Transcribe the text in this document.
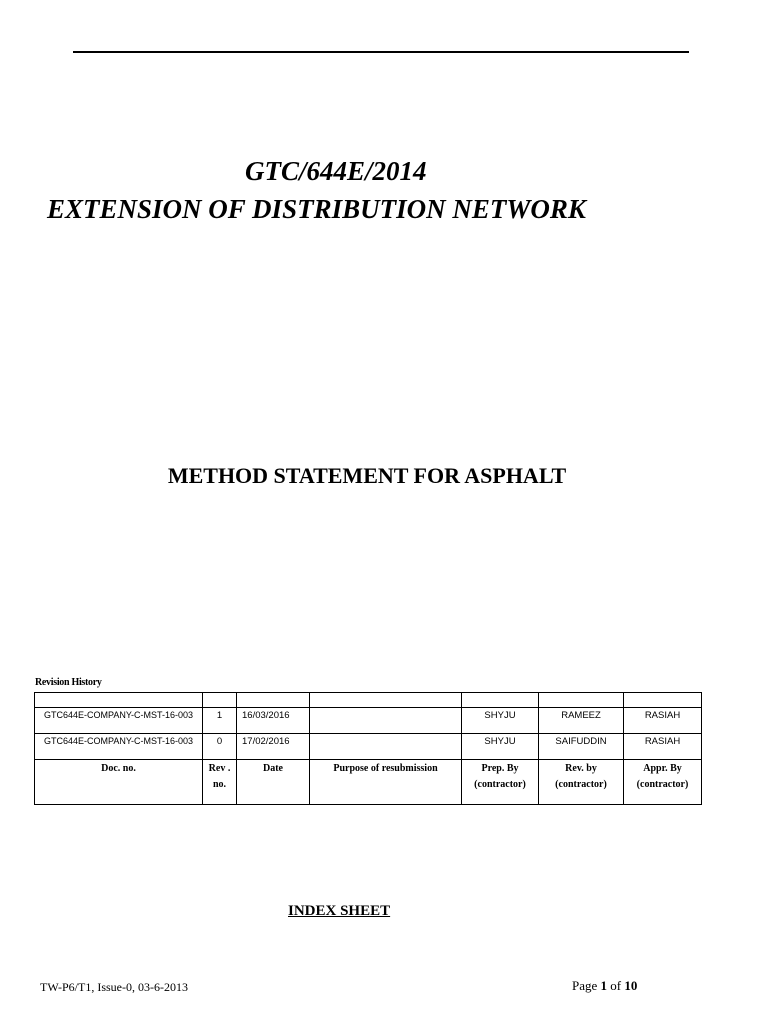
GTC/644E/2014
EXTENSION OF DISTRIBUTION NETWORK
METHOD STATEMENT FOR ASPHALT
Revision History

GTC644E-COMPANY-C-MST-16-003	1	16/03/2016		SHYJU	RAMEEZ	RASIAH
GTC644E-COMPANY-C-MST-16-003	0	17/02/2016		SHYJU	SAIFUDDIN	RASIAH
Doc. no.	Rev . no.	Date	Purpose of resubmission	Prep. By (contractor)	Rev. by (contractor)	Appr. By (contractor)
INDEX SHEET
TW-P6/T1, Issue-0, 03-6-2013	Page 1 of 10
